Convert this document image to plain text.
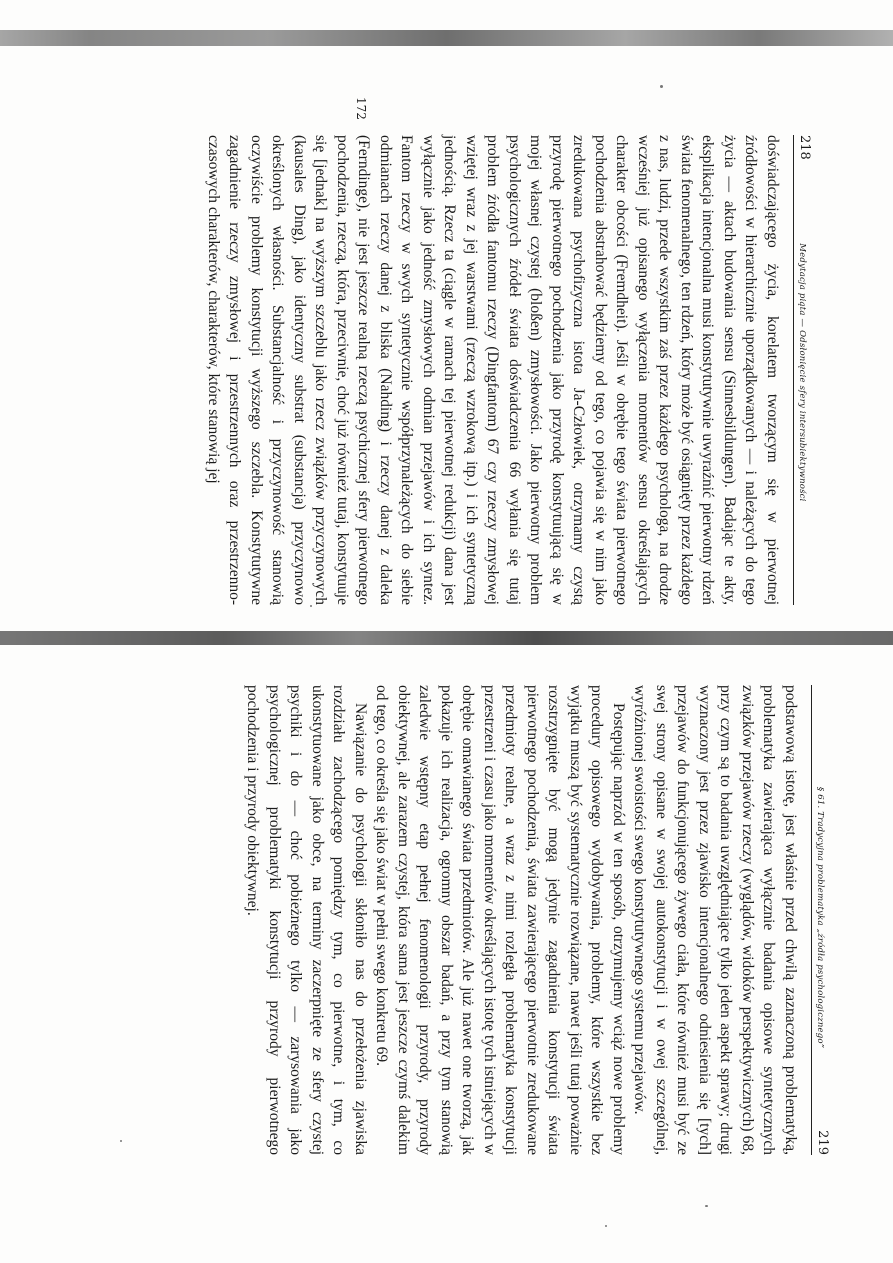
218
Medytacja piąta — Odsłonięcie sfery intersubiektywności

doświadczającego życia, korelatem tworzącym się w pierwotnej źródłowości w hierarchicznie uporządkowanych — i należących do tego życia — aktach budowania sensu (Sinnesbildungen). Badając te akty, eksplikacja intencjonalna musi konstytutywnie uwyraźnić pierwotny rdzeń świata fenomenalnego, ten rdzeń, który może być osiągnięty przez każdego z nas, ludzi, przede wszystkim zaś przez każdego psychologa, na drodze wcześniej już opisanego wyłączenia momentów sensu określających charakter obcości (Fremdheit). Jeśli w obrębie tego świata pierwotnego pochodzenia abstrahować będziemy od tego, co pojawia się w nim jako zredukowana psychofizyczna istota Ja-Człowiek, otrzymamy czystą przyrodę pierwotnego pochodzenia jako przyrodę konstytuującą się w mojej własnej czystej (bloßen) zmysłowości. Jako pierwotny problem psychologicznych źródeł świata doświadczenia 66 wyłania się tutaj problem źródła fantomu rzeczy (Dingfantom) 67 czy rzeczy zmysłowej wziętej wraz z jej warstwami (rzeczą wzrokową itp.) i ich syntetyczną jednością. Rzecz ta (ciągle w ramach tej pierwotnej redukcji) dana jest wyłącznie jako jedność zmysłowych odmian przejawów i ich syntez. Fantom rzeczy w swych syntetycznie współprzynależących do siebie odmianach rzeczy danej z bliska (Nahding) i rzeczy danej z daleka (Ferndinge), nie jest jeszcze realną rzeczą psychicznej sfery pierwotnego pochodzenia, rzeczą, która, przeciwnie, choć już również tutaj, konstytuuje się [jednak] na wyższym szczeblu jako rzecz związków przyczynowych (kausales Ding), jako identyczny substrat (substancja) przyczynowo określonych własności. Substancjalność i przyczynowość stanowią oczywiście problemy konstytucji wyższego szczebla. Konstytutywne zagadnienie rzeczy zmysłowej i przestrzennych oraz przestrzenno-czasowych charakterów, charakterów, które stanowią jej

172
§ 61. Tradycyjna problematyka „źródła psychologicznego”
219

podstawową istotę, jest właśnie przed chwilą zaznaczoną problematyką, problematyka zawierająca wyłącznie badania opisowe syntetycznych związków przejawów rzeczy (wyglądów, widoków perspektywicznych) 68, przy czym są to badania uwzględniające tylko jeden aspekt sprawy; drugi wyznaczony jest przez zjawisko intencjonalnego odniesienia się [tych] przejawów do funkcjonującego żywego ciała, które również musi być ze swej strony opisane w swojej autokonstytucji i w owej szczególnej, wyróżnionej swoistości swego konstytutywnego systemu przejawów.

Postępując naprzód w ten sposób, otrzymujemy wciąż nowe problemy procedury opisowego wydobywania, problemy, które wszystkie bez wyjątku muszą być systematycznie rozwiązane, nawet jeśli tutaj poważnie rozstrzygnięte być mogą jedynie zagadnienia konstytucji świata pierwotnego pochodzenia, świata zawierającego pierwotnie zredukowane przedmioty realne, a wraz z nimi rozległa problematyka konstytucji przestrzeni i czasu jako momentów określających istotę tych istniejących w obrębie omawianego świata przedmiotów. Ale już nawet one tworzą, jak pokazuje ich realizacja, ogromny obszar badań, a przy tym stanowią zaledwie wstępny etap pełnej fenomenologii przyrody, przyrody obiektywnej, ale zarazem czystej, która sama jest jeszcze czymś dalekim od tego, co określa się jako świat w pełni swego konkretu 69.

Nawiązanie do psychologii skłoniło nas do przełożenia zjawiska rozdziału zachodzącego pomiędzy tym, co pierwotne, i tym, co ukonstytuowane jako obce, na terminy zaczerpnięte ze sfery czystej psychiki i do — choć pobieżnego tylko — zarysowania jako psychologicznej problematyki konstytucji przyrody pierwotnego pochodzenia i przyrody obiektywnej.
